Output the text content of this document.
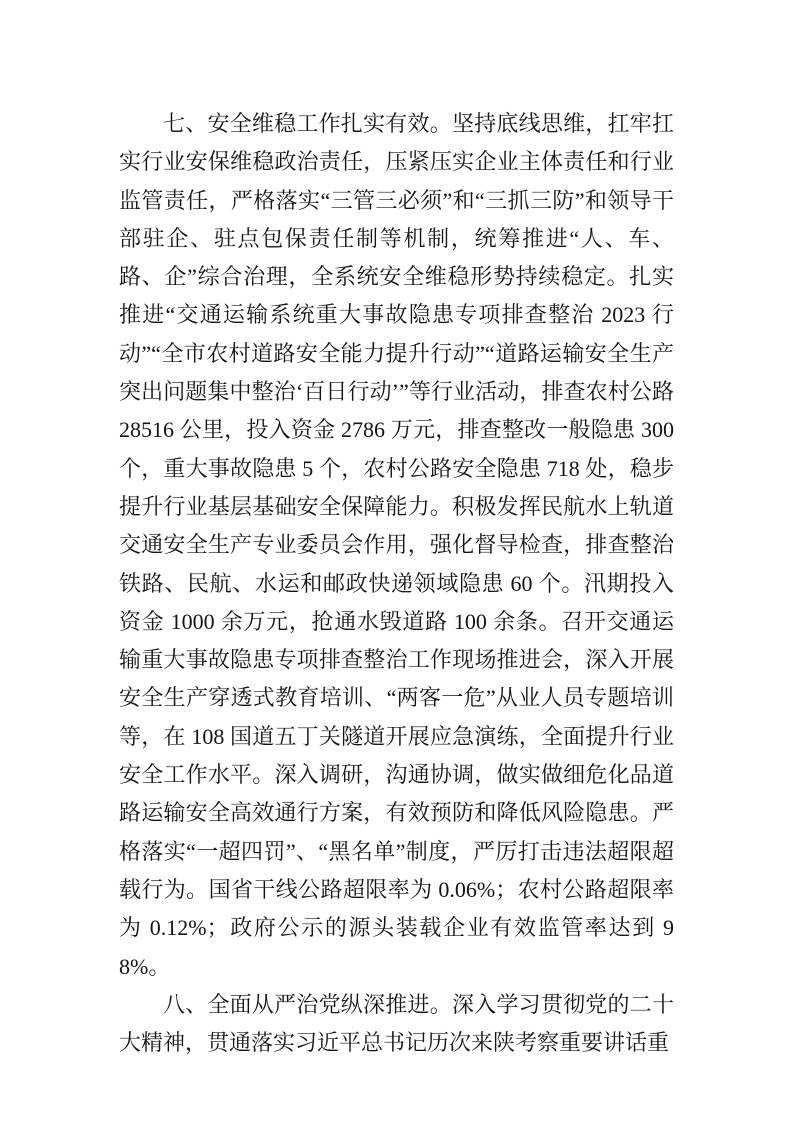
七、安全维稳工作扎实有效。坚持底线思维，扛牢扛实行业安保维稳政治责任，压紧压实企业主体责任和行业监管责任，严格落实“三管三必须”和“三抓三防”和领导干部驻企、驻点包保责任制等机制，统筹推进“人、车、路、企”综合治理，全系统安全维稳形势持续稳定。扎实推进“交通运输系统重大事故隐患专项排查整治 2023 行动”“全市农村道路安全能力提升行动”“道路运输安全生产突出问题集中整治‘百日行动’”等行业活动，排查农村公路 28516 公里，投入资金 2786 万元，排查整改一般隐患 300 个，重大事故隐患 5 个，农村公路安全隐患 718 处，稳步提升行业基层基础安全保障能力。积极发挥民航水上轨道交通安全生产专业委员会作用，强化督导检查，排查整治铁路、民航、水运和邮政快递领域隐患 60 个。汛期投入资金 1000 余万元，抢通水毁道路 100 余条。召开交通运输重大事故隐患专项排查整治工作现场推进会，深入开展安全生产穿透式教育培训、“两客一危”从业人员专题培训等，在 108 国道五丁关隧道开展应急演练，全面提升行业安全工作水平。深入调研，沟通协调，做实做细危化品道路运输安全高效通行方案，有效预防和降低风险隐患。严格落实“一超四罚”、“黑名单”制度，严厉打击违法超限超载行为。国省干线公路超限率为 0.06%；农村公路超限率为 0.12%；政府公示的源头装载企业有效监管率达到 98%。

八、全面从严治党纵深推进。深入学习贯彻党的二十大精神，贯通落实习近平总书记历次来陕考察重要讲话重
